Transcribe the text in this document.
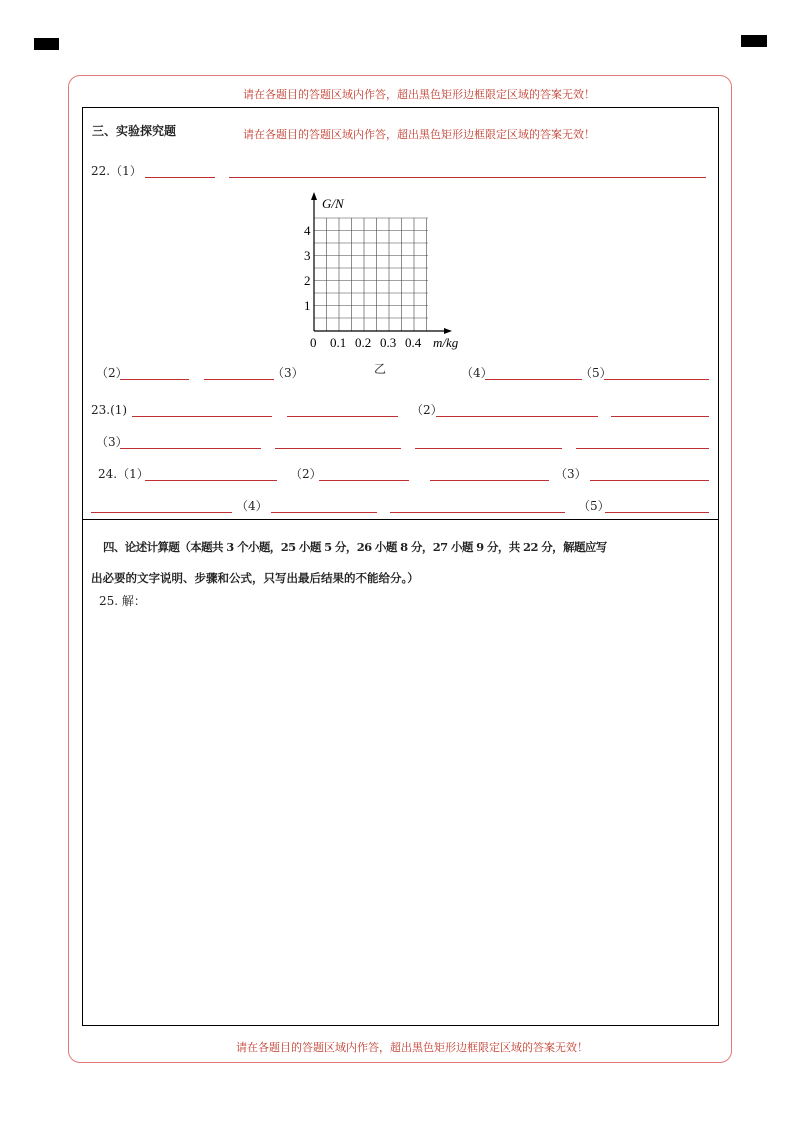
请在各题目的答题区域内作答，超出黑色矩形边框限定区域的答案无效！
三、实验探究题	请在各题目的答题区域内作答，超出黑色矩形边框限定区域的答案无效！
22.（1）
G/N
1
2
3
4
0 0.1 0.2 0.3 0.4 m/kg
乙
（2）	（3）	（4）	（5）
23.(1)	（2）
（3）
24.（1）	（2）	（3）
（4）	（5）
四、论述计算题（本题共 3 个小题，25 小题 5 分，26 小题 8 分，27 小题 9 分，共 22 分，解题应写
出必要的文字说明、步骤和公式，只写出最后结果的不能给分。）
25. 解：
请在各题目的答题区域内作答，超出黑色矩形边框限定区域的答案无效！
